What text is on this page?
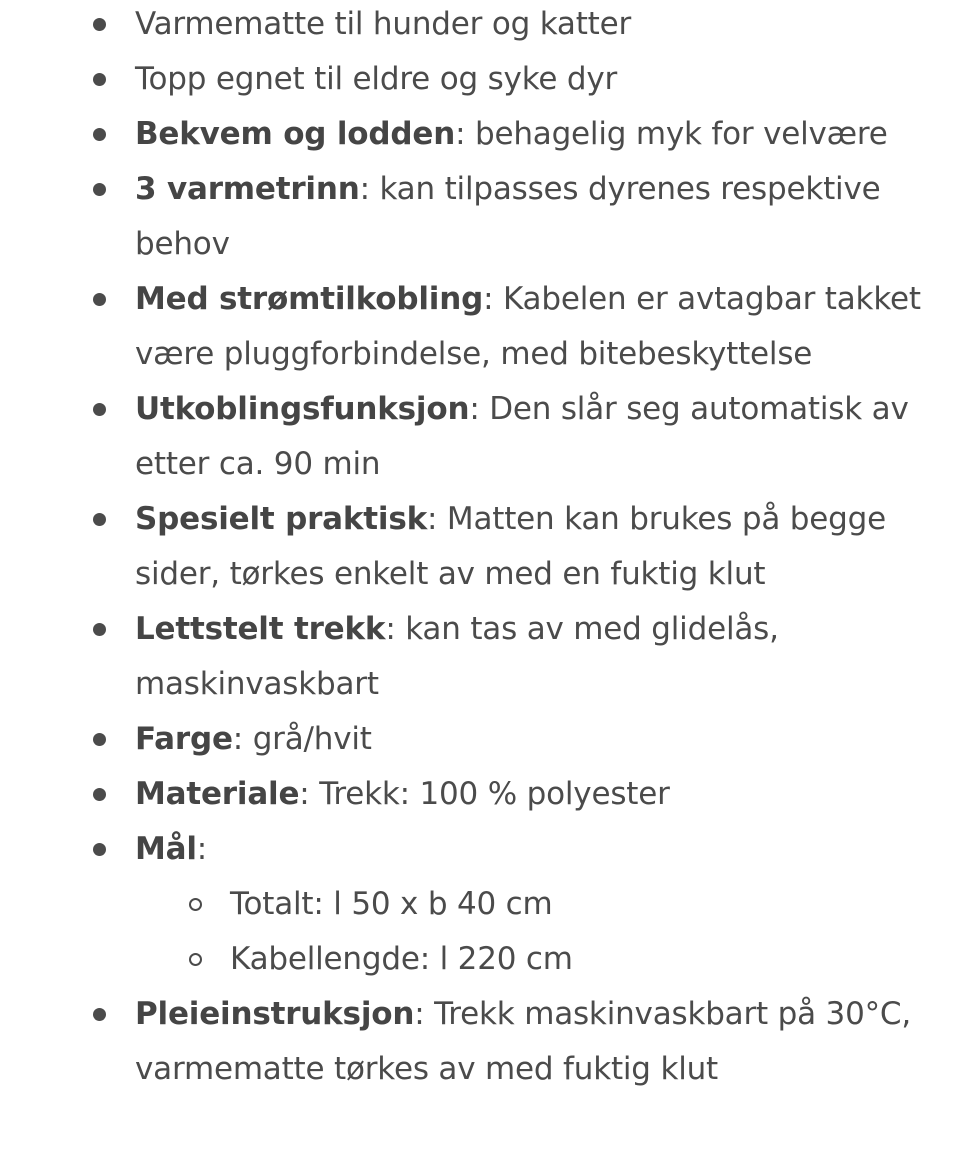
Varmematte til hunder og katter
Topp egnet til eldre og syke dyr
Bekvem og lodden: behagelig myk for velvære
3 varmetrinn: kan tilpasses dyrenes respektive behov
Med strømtilkobling: Kabelen er avtagbar takket være pluggforbindelse, med bitebeskyttelse
Utkoblingsfunksjon: Den slår seg automatisk av etter ca. 90 min
Spesielt praktisk: Matten kan brukes på begge sider, tørkes enkelt av med en fuktig klut
Lettstelt trekk: kan tas av med glidelås, maskinvaskbart
Farge: grå/hvit
Materiale: Trekk: 100 % polyester
Mål:
Totalt: l 50 x b 40 cm
Kabellengde: l 220 cm
Pleieinstruksjon: Trekk maskinvaskbart på 30°C, varmematte tørkes av med fuktig klut
